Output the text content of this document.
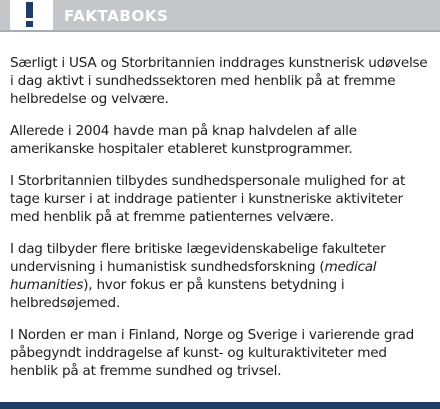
FAKTABOKS

Særligt i USA og Storbritannien inddrages kunstnerisk udøvelse i dag aktivt i sundhedssektoren med henblik på at fremme helbredelse og velvære.

Allerede i 2004 havde man på knap halvdelen af alle amerikanske hospitaler etableret kunstprogrammer.

I Storbritannien tilbydes sundhedspersonale mulighed for at tage kurser i at inddrage patienter i kunstneriske aktiviteter med henblik på at fremme patienternes velvære.

I dag tilbyder flere britiske lægevidenskabelige fakulteter undervisning i humanistisk sundhedsforskning (medical humanities), hvor fokus er på kunstens betydning i helbredsøjemed.

I Norden er man i Finland, Norge og Sverige i varierende grad påbegyndt inddragelse af kunst- og kulturaktiviteter med henblik på at fremme sundhed og trivsel.
